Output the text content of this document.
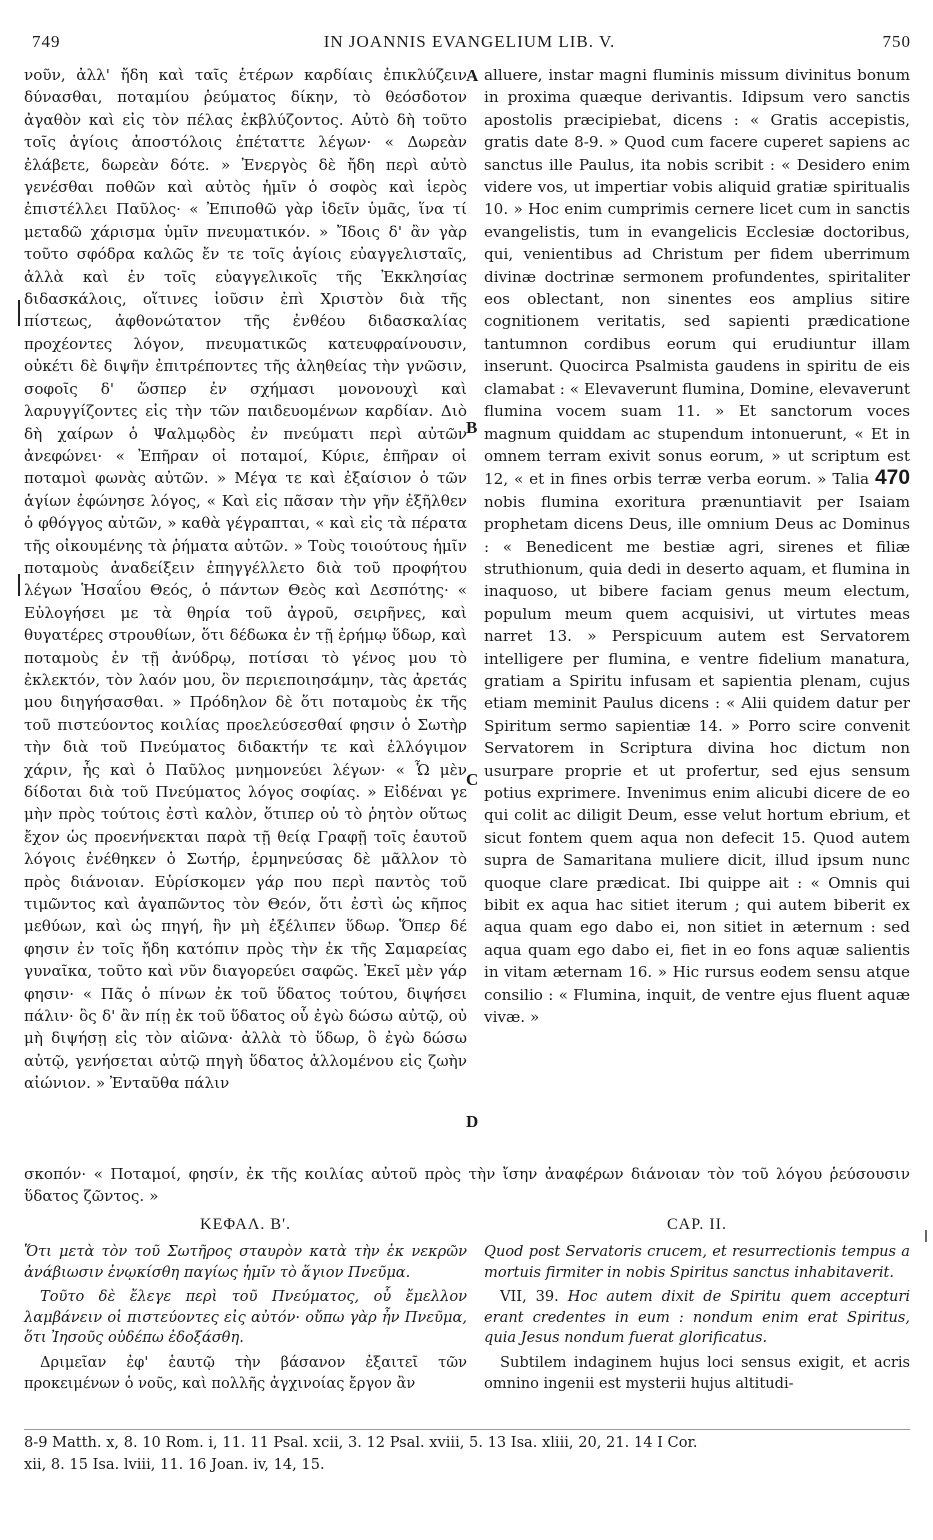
749	IN JOANNIS EVANGELIUM LIB. V.	750
A
B
C
D

νοῦν, ἀλλ' ἤδη καὶ ταῖς ἑτέρων καρδίαις ἐπικλύζειν δύνασθαι, ποταμίου ῥεύματος δίκην, τὸ θεόσδοτον ἀγαθὸν καὶ εἰς τὸν πέλας ἐκβλύζοντος. Αὐτὸ δὴ τοῦτο τοῖς ἁγίοις ἀποστόλοις ἐπέταττε λέγων· « Δωρεὰν ἐλάβετε, δωρεὰν δότε. » Ἐνεργὸς δὲ ἤδη περὶ αὐτὸ γενέσθαι ποθῶν καὶ αὐτὸς ἡμῖν ὁ σοφὸς καὶ ἱερὸς ἐπιστέλλει Παῦλος· « Ἐπιποθῶ γὰρ ἰδεῖν ὑμᾶς, ἵνα τί μεταδῶ χάρισμα ὑμῖν πνευματικόν. » Ἴδοις δ' ἂν γὰρ τοῦτο σφόδρα καλῶς ἔν τε τοῖς ἁγίοις εὐαγγελισταῖς, ἀλλὰ καὶ ἐν τοῖς εὐαγγελικοῖς τῆς Ἐκκλησίας διδασκάλοις, οἵτινες ἰοῦσιν ἐπὶ Χριστὸν διὰ τῆς πίστεως, ἀφθονώτατον τῆς ἐνθέου διδασκαλίας προχέοντες λόγον, πνευματικῶς κατευφραίνουσιν, οὐκέτι δὲ διψῆν ἐπιτρέποντες τῆς ἀληθείας τὴν γνῶσιν, σοφοῖς δ' ὥσπερ ἐν σχήμασι μονονουχὶ καὶ λαρυγγίζοντες εἰς τὴν τῶν παιδευομένων καρδίαν. Διὸ δὴ χαίρων ὁ Ψαλμῳδὸς ἐν πνεύματι περὶ αὐτῶν ἀνεφώνει· « Ἐπῆραν οἱ ποταμοί, Κύριε, ἐπῆραν οἱ ποταμοὶ φωνὰς αὐτῶν. » Μέγα τε καὶ ἐξαίσιον ὁ τῶν ἁγίων ἐφώνησε λόγος, « Καὶ εἰς πᾶσαν τὴν γῆν ἐξῆλθεν ὁ φθόγγος αὐτῶν, » καθὰ γέγραπται, « καὶ εἰς τὰ πέρατα τῆς οἰκουμένης τὰ ῥήματα αὐτῶν. » Τοὺς τοιούτους ἡμῖν ποταμοὺς ἀναδείξειν ἐπηγγέλλετο διὰ τοῦ προφήτου λέγων Ἡσαΐου Θεός, ὁ πάντων Θεὸς καὶ Δεσπότης· « Εὐλογήσει με τὰ θηρία τοῦ ἀγροῦ, σειρῆνες, καὶ θυγατέρες στρουθίων, ὅτι δέδωκα ἐν τῇ ἐρήμῳ ὕδωρ, καὶ ποταμοὺς ἐν τῇ ἀνύδρῳ, ποτίσαι τὸ γένος μου τὸ ἐκλεκτόν, τὸν λαόν μου, ὃν περιεποιησάμην, τὰς ἀρετάς μου διηγήσασθαι. » Πρόδηλον δὲ ὅτι ποταμοὺς ἐκ τῆς τοῦ πιστεύοντος κοιλίας προελεύσεσθαί φησιν ὁ Σωτὴρ τὴν διὰ τοῦ Πνεύματος διδακτήν τε καὶ ἐλλόγιμον χάριν, ἧς καὶ ὁ Παῦλος μνημονεύει λέγων· « Ὧ μὲν δίδοται διὰ τοῦ Πνεύματος λόγος σοφίας. » Εἰδέναι γε μὴν πρὸς τούτοις ἐστὶ καλὸν, ὅτιπερ οὐ τὸ ῥητὸν οὕτως ἔχον ὡς προενήνεκται παρὰ τῇ θείᾳ Γραφῇ τοῖς ἑαυτοῦ λόγοις ἐνέθηκεν ὁ Σωτήρ, ἑρμηνεύσας δὲ μᾶλλον τὸ πρὸς διάνοιαν. Εὑρίσκομεν γάρ που περὶ παντὸς τοῦ τιμῶντος καὶ ἀγαπῶντος τὸν Θεόν, ὅτι ἐστὶ ὡς κῆπος μεθύων, καὶ ὡς πηγή, ἣν μὴ ἐξέλιπεν ὕδωρ. Ὅπερ δέ φησιν ἐν τοῖς ἤδη κατόπιν πρὸς τὴν ἐκ τῆς Σαμαρείας γυναῖκα, τοῦτο καὶ νῦν διαγορεύει σαφῶς. Ἐκεῖ μὲν γάρ φησιν· « Πᾶς ὁ πίνων ἐκ τοῦ ὕδατος τούτου, διψήσει πάλιν· ὃς δ' ἂν πίῃ ἐκ τοῦ ὕδατος οὗ ἐγὼ δώσω αὐτῷ, οὐ μὴ διψήσῃ εἰς τὸν αἰῶνα· ἀλλὰ τὸ ὕδωρ, ὃ ἐγὼ δώσω αὐτῷ, γενήσεται αὐτῷ πηγὴ ὕδατος ἁλλομένου εἰς ζωὴν αἰώνιον. » Ἐνταῦθα πάλιν

alluere, instar magni fluminis missum divinitus bonum in proxima quæque derivantis. Idipsum vero sanctis apostolis præcipiebat, dicens : « Gratis accepistis, gratis date 8-9. » Quod cum facere cuperet sapiens ac sanctus ille Paulus, ita nobis scribit : « Desidero enim videre vos, ut impertiar vobis aliquid gratiæ spiritualis 10. » Hoc enim cumprimis cernere licet cum in sanctis evangelistis, tum in evangelicis Ecclesiæ doctoribus, qui, venientibus ad Christum per fidem uberrimum divinæ doctrinæ sermonem profundentes, spiritaliter eos oblectant, non sinentes eos amplius sitire cognitionem veritatis, sed sapienti prædicatione tantumnon cordibus eorum qui erudiuntur illam inserunt. Quocirca Psalmista gaudens in spiritu de eis clamabat : « Elevaverunt flumina, Domine, elevaverunt flumina vocem suam 11. » Et sanctorum voces magnum quiddam ac stupendum intonuerunt, « Et in omnem terram exivit sonus eorum, » ut scriptum est 12, « et in fines orbis terræ verba eorum. » Talia 470 nobis flumina exoritura prænuntiavit per Isaiam prophetam dicens Deus, ille omnium Deus ac Dominus : « Benedicent me bestiæ agri, sirenes et filiæ struthionum, quia dedi in deserto aquam, et flumina in inaquoso, ut bibere faciam genus meum electum, populum meum quem acquisivi, ut virtutes meas narret 13. » Perspicuum autem est Servatorem intelligere per flumina, e ventre fidelium manatura, gratiam a Spiritu infusam et sapientia plenam, cujus etiam meminit Paulus dicens : « Alii quidem datur per Spiritum sermo sapientiæ 14. » Porro scire convenit Servatorem in Scriptura divina hoc dictum non usurpare proprie et ut profertur, sed ejus sensum potius exprimere. Invenimus enim alicubi dicere de eo qui colit ac diligit Deum, esse velut hortum ebrium, et sicut fontem quem aqua non defecit 15. Quod autem supra de Samaritana muliere dicit, illud ipsum nunc quoque clare prædicat. Ibi quippe ait : « Omnis qui bibit ex aqua hac sitiet iterum ; qui autem biberit ex aqua quam ego dabo ei, non sitiet in æternum : sed aqua quam ego dabo ei, fiet in eo fons aquæ salientis in vitam æternam 16. » Hic rursus eodem sensu atque consilio : « Flumina, inquit, de ventre ejus fluent aquæ vivæ. »

σκοπόν· « Ποταμοί, φησίν, ἐκ τῆς κοιλίας αὐτοῦ πρὸς τὴν ἴσην ἀναφέρων διάνοιαν τὸν τοῦ λόγου ῥεύσουσιν ὕδατος ζῶντος. »
ΚΕΦΑΛ. Β'.	CAP. II.

Ὅτι μετὰ τὸν τοῦ Σωτῆρος σταυρὸν κατὰ τὴν ἐκ νεκρῶν ἀνάβιωσιν ἐνῳκίσθη παγίως ἡμῖν τὸ ἅγιον Πνεῦμα.

Τοῦτο δὲ ἔλεγε περὶ τοῦ Πνεύματος, οὗ ἔμελλον λαμβάνειν οἱ πιστεύοντες εἰς αὐτόν· οὔπω γὰρ ἦν Πνεῦμα, ὅτι Ἰησοῦς οὐδέπω ἐδοξάσθη.

Δριμεῖαν ἐφ' ἑαυτῷ τὴν βάσανον ἐξαιτεῖ τῶν προκειμένων ὁ νοῦς, καὶ πολλῆς ἀγχινοίας ἔργον ἂν

Quod post Servatoris crucem, et resurrectionis tempus a mortuis firmiter in nobis Spiritus sanctus inhabitaverit.

VII, 39. Hoc autem dixit de Spiritu quem accepturi erant credentes in eum : nondum enim erat Spiritus, quia Jesus nondum fuerat glorificatus.

Subtilem indaginem hujus loci sensus exigit, et acris omnino ingenii est mysterii hujus altitudi-

8-9 Matth. x, 8. 10 Rom. i, 11. 11 Psal. xcii, 3. 12 Psal. xviii, 5. 13 Isa. xliii, 20, 21. 14 I Cor.
xii, 8. 15 Isa. lviii, 11. 16 Joan. iv, 14, 15.
